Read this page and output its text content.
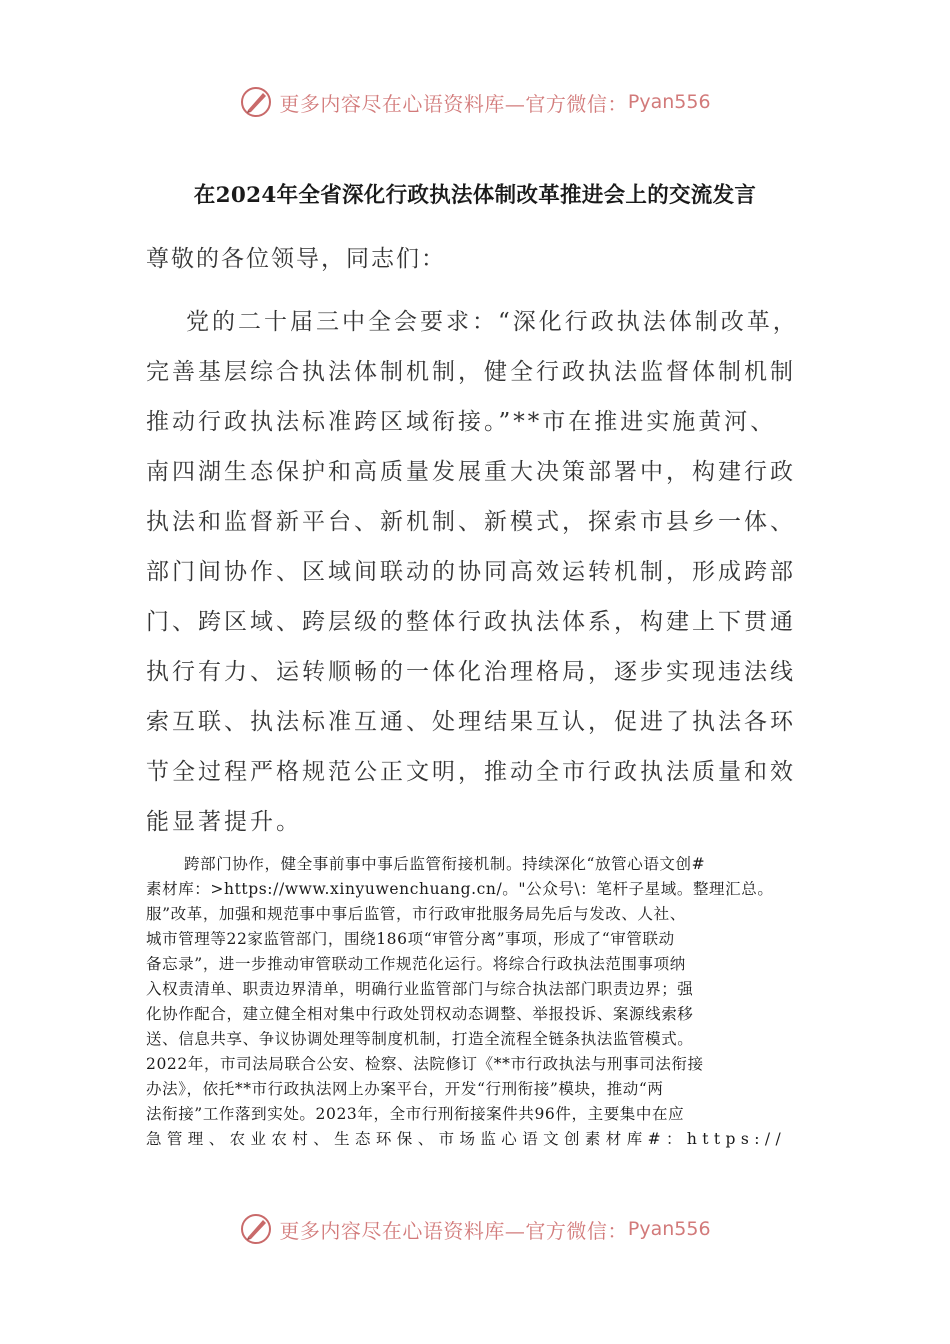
更多内容尽在心语资料库—官方微信： Pyan556
在2024年全省深化行政执法体制改革推进会上的交流发言
尊敬的各位领导，同志们：
党的二十届三中全会要求：“深化行政执法体制改革，
完善基层综合执法体制机制，健全行政执法监督体制机制
推动行政执法标准跨区域衔接。”**市在推进实施黄河、
南四湖生态保护和高质量发展重大决策部署中，构建行政
执法和监督新平台、新机制、新模式，探索市县乡一体、
部门间协作、区域间联动的协同高效运转机制，形成跨部
门、跨区域、跨层级的整体行政执法体系，构建上下贯通
执行有力、运转顺畅的一体化治理格局，逐步实现违法线
索互联、执法标准互通、处理结果互认，促进了执法各环
节全过程严格规范公正文明，推动全市行政执法质量和效
能显著提升。
跨部门协作，健全事前事中事后监管衔接机制。持续深化“放管心语文创#
素材库：>https://www.xinyuwenchuang.cn/。"公众号\：笔杆子星域。整理汇总。
服”改革，加强和规范事中事后监管，市行政审批服务局先后与发改、人社、
城市管理等22家监管部门，围绕186项“审管分离”事项，形成了“审管联动
备忘录”，进一步推动审管联动工作规范化运行。将综合行政执法范围事项纳
入权责清单、职责边界清单，明确行业监管部门与综合执法部门职责边界；强
化协作配合，建立健全相对集中行政处罚权动态调整、举报投诉、案源线索移
送、信息共享、争议协调处理等制度机制，打造全流程全链条执法监管模式。
2022年，市司法局联合公安、检察、法院修订《**市行政执法与刑事司法衔接
办法》，依托**市行政执法网上办案平台，开发“行刑衔接”模块，推动“两
法衔接”工作落到实处。2023年，全市行刑衔接案件共96件，主要集中在应
急管理、农业农村、生态环保、市场监心语文创素材库#：https://
更多内容尽在心语资料库—官方微信： Pyan556
